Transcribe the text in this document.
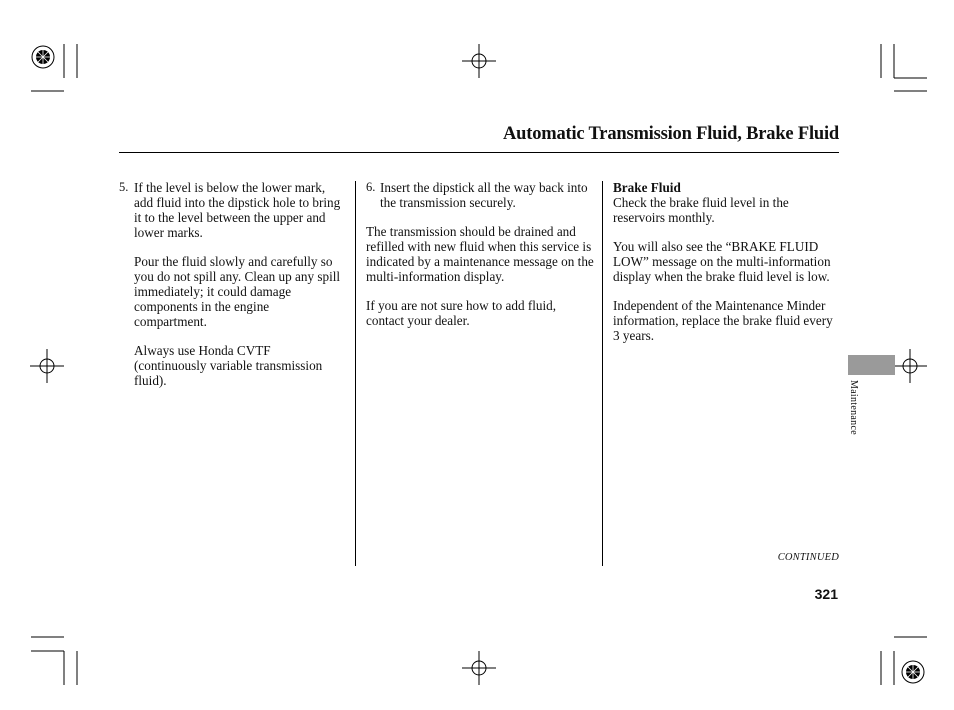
Automatic Transmission Fluid, Brake Fluid
5. If the level is below the lower mark, add fluid into the dipstick hole to bring it to the level between the upper and lower marks.

Pour the fluid slowly and carefully so you do not spill any. Clean up any spill immediately; it could damage components in the engine compartment.

Always use Honda CVTF (continuously variable transmission fluid).

6. Insert the dipstick all the way back into the transmission securely.

The transmission should be drained and refilled with new fluid when this service is indicated by a maintenance message on the multi-information display.

If you are not sure how to add fluid, contact your dealer.

Brake Fluid

Check the brake fluid level in the reservoirs monthly.

You will also see the “BRAKE FLUID LOW” message on the multi-information display when the brake fluid level is low.

Independent of the Maintenance Minder information, replace the brake fluid every 3 years.

Maintenance
CONTINUED
321
